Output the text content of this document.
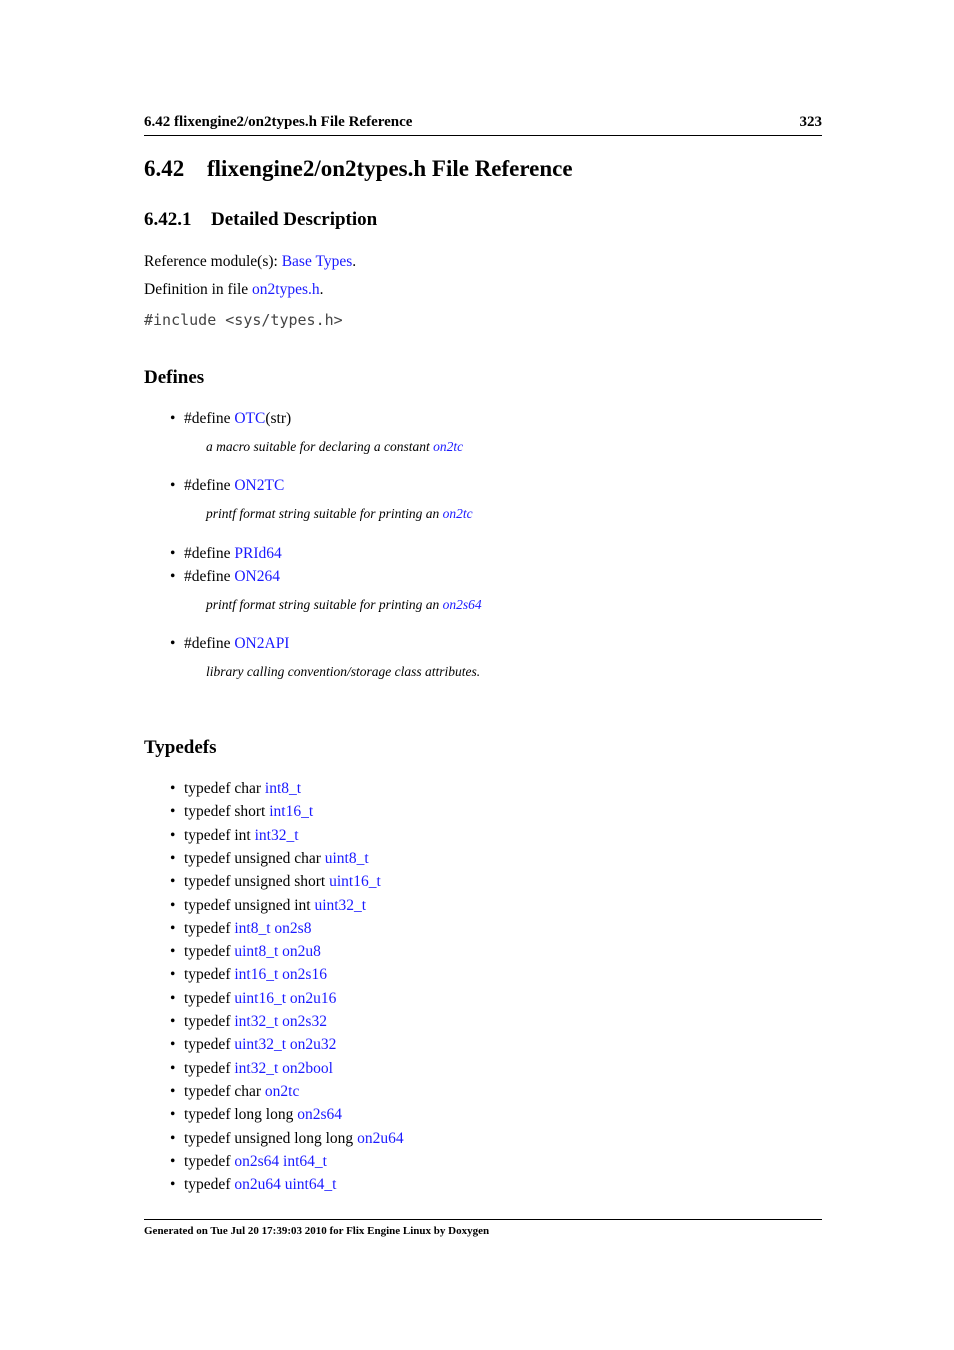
6.42 flixengine2/on2types.h File Reference	323
6.42 flixengine2/on2types.h File Reference
6.42.1 Detailed Description
Reference module(s): Base Types.
Definition in file on2types.h.
#include <sys/types.h>
Defines
• #define OTC(str)
a macro suitable for declaring a constant on2tc
• #define ON2TC
printf format string suitable for printing an on2tc
• #define PRId64
• #define ON264
printf format string suitable for printing an on2s64
• #define ON2API
library calling convention/storage class attributes.
Typedefs
• typedef char int8_t
• typedef short int16_t
• typedef int int32_t
• typedef unsigned char uint8_t
• typedef unsigned short uint16_t
• typedef unsigned int uint32_t
• typedef int8_t on2s8
• typedef uint8_t on2u8
• typedef int16_t on2s16
• typedef uint16_t on2u16
• typedef int32_t on2s32
• typedef uint32_t on2u32
• typedef int32_t on2bool
• typedef char on2tc
• typedef long long on2s64
• typedef unsigned long long on2u64
• typedef on2s64 int64_t
• typedef on2u64 uint64_t
Generated on Tue Jul 20 17:39:03 2010 for Flix Engine Linux by Doxygen
